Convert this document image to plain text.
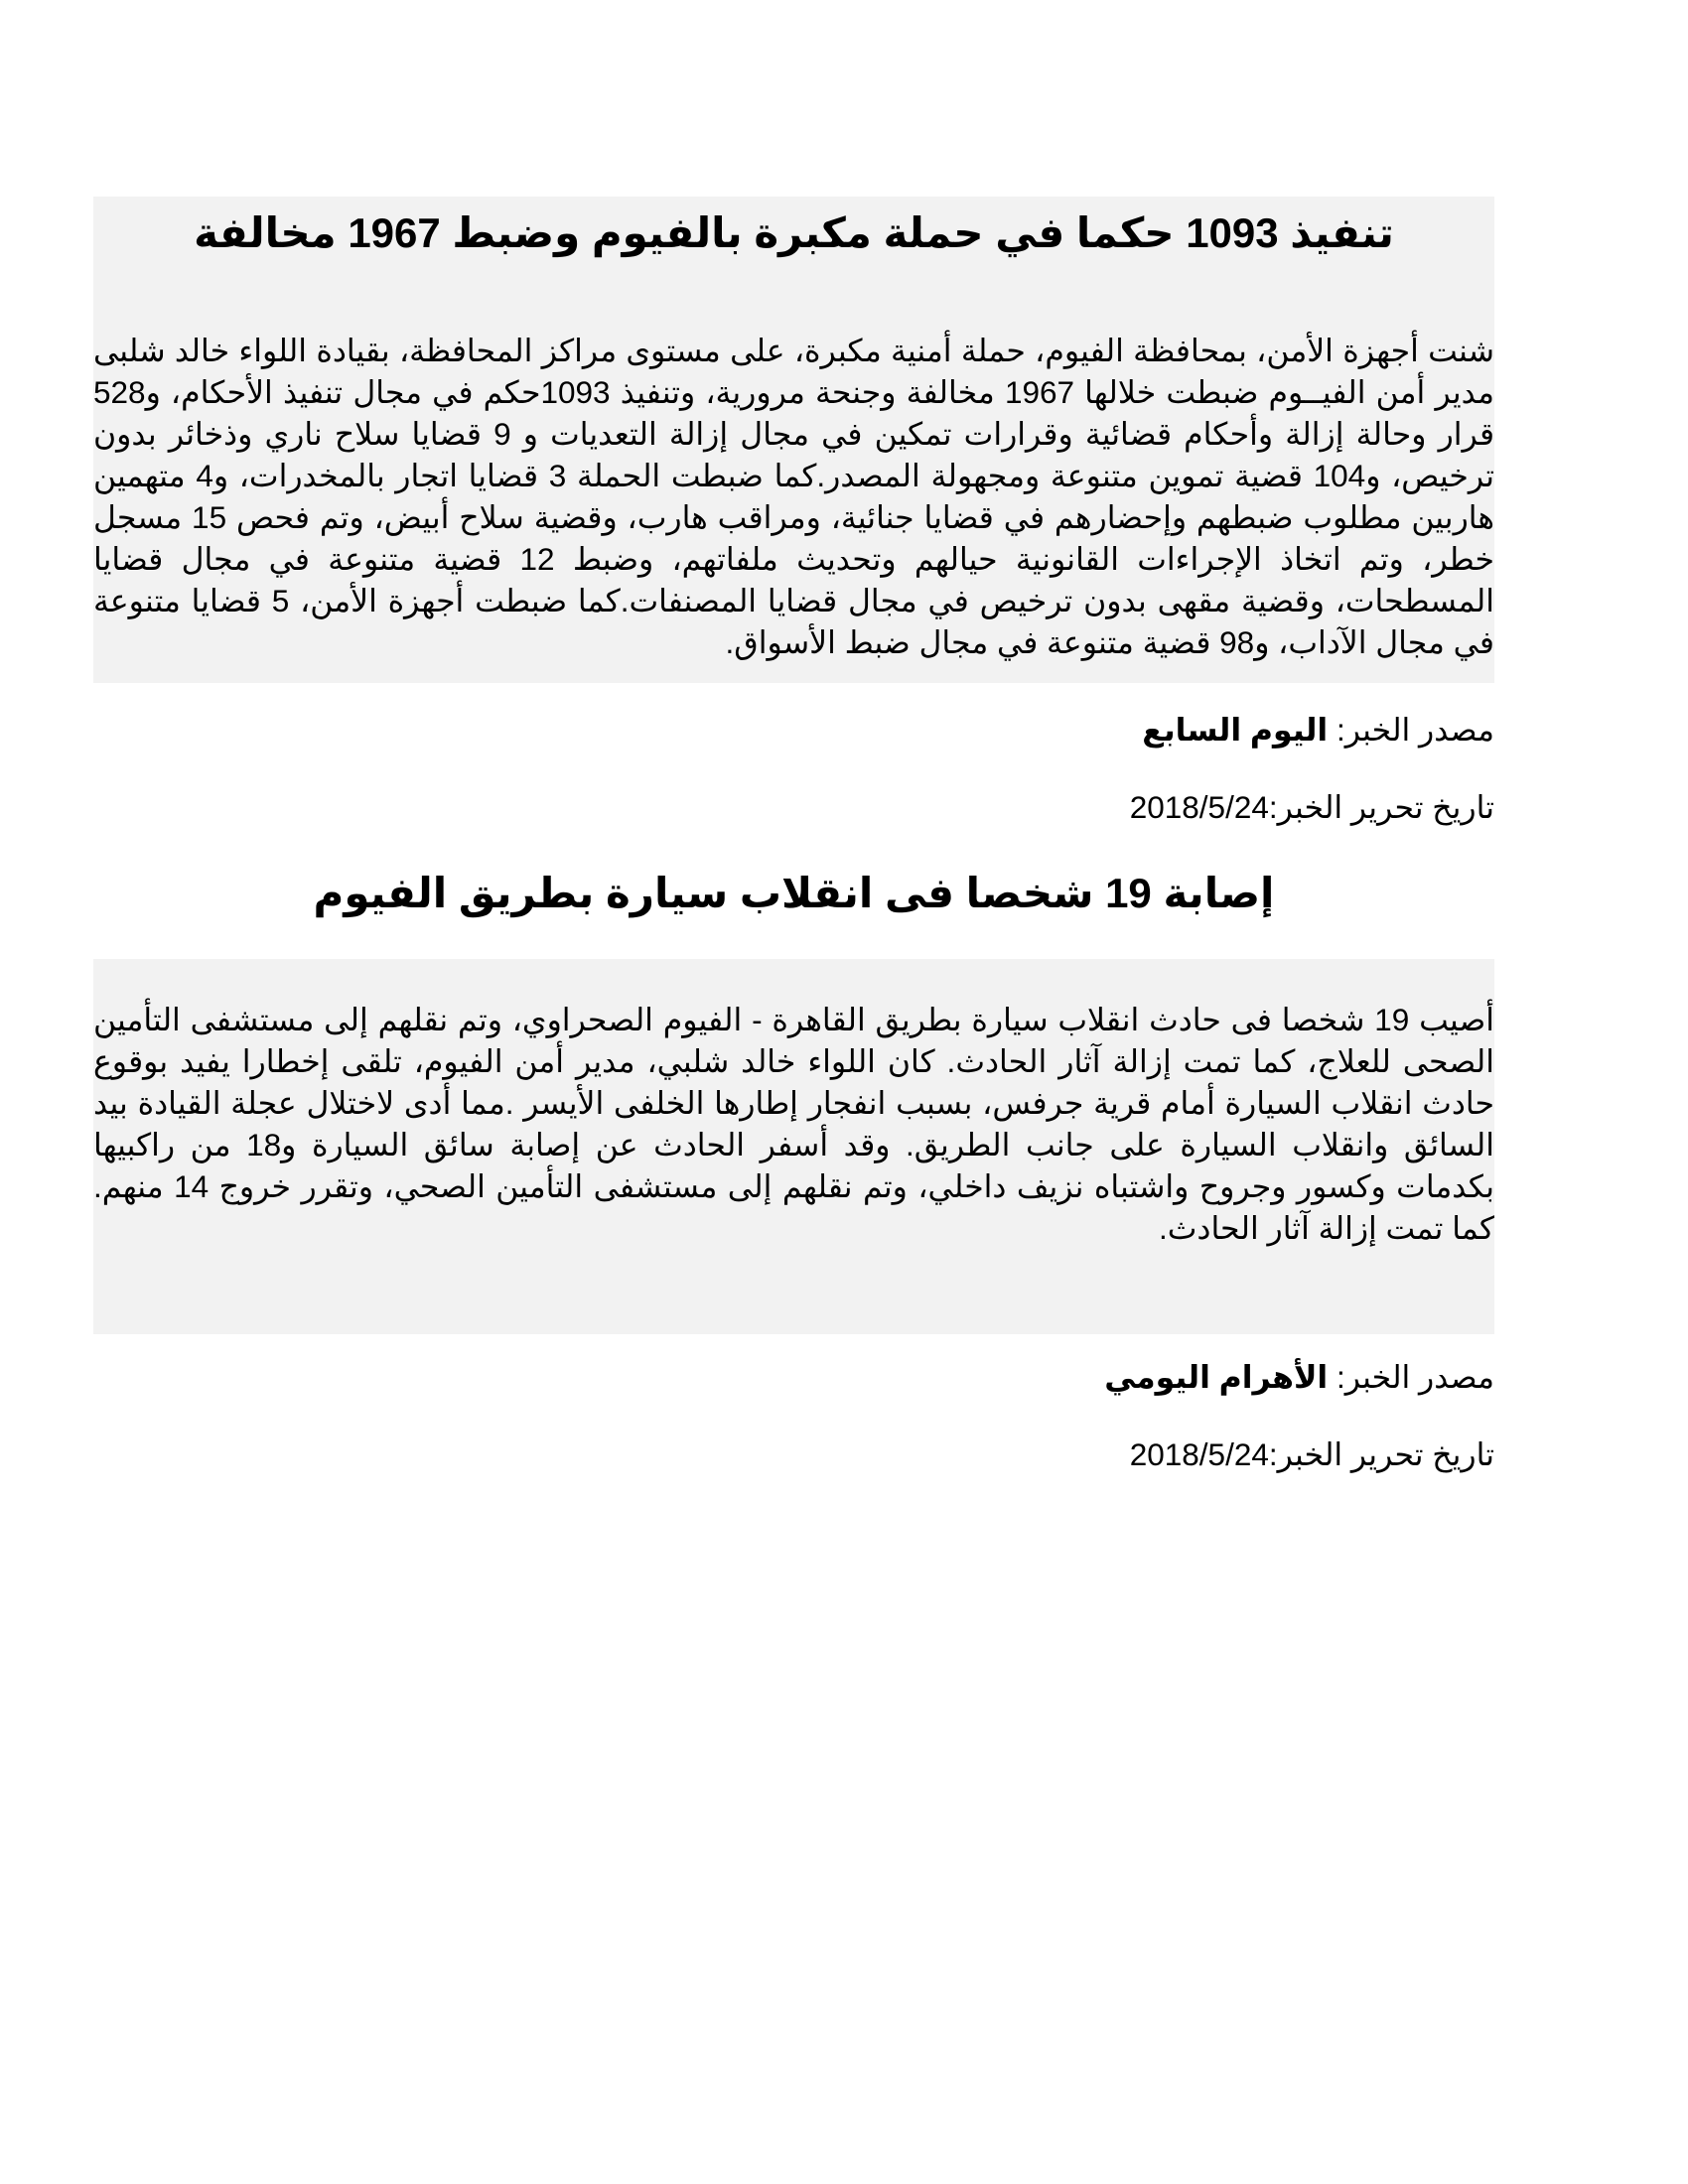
تنفيذ 1093 حكما في حملة مكبرة بالفيوم وضبط 1967 مخالفة

شنت أجهزة الأمن، بمحافظة الفيوم، حملة أمنية مكبرة، على مستوى مراكز المحافظة، بقيادة اللواء خالد شلبى مدير أمن الفيــوم ضبطت خلالها 1967 مخالفة وجنحة مرورية، وتنفيذ 1093حكم في مجال تنفيذ الأحكام، و528 قرار وحالة إزالة وأحكام قضائية وقرارات تمكين في مجال إزالة التعديات و 9 قضايا سلاح ناري وذخائر بدون ترخيص، و104 قضية تموين متنوعة ومجهولة المصدر.كما ضبطت الحملة 3 قضايا اتجار بالمخدرات، و4 متهمين هاربين مطلوب ضبطهم وإحضارهم في قضايا جنائية، ومراقب هارب، وقضية سلاح أبيض، وتم فحص 15 مسجل خطر، وتم اتخاذ الإجراءات القانونية حيالهم وتحديث ملفاتهم، وضبط 12 قضية متنوعة في مجال قضايا المسطحات، وقضية مقهى بدون ترخيص في مجال قضايا المصنفات.كما ضبطت أجهزة الأمن، 5 قضايا متنوعة في مجال الآداب، و98 قضية متنوعة في مجال ضبط الأسواق.

مصدر الخبر: اليوم السابع

تاريخ تحرير الخبر:2018/5/24

إصابة 19 شخصا فى انقلاب سيارة بطريق الفيوم

أصيب 19 شخصا فى حادث انقلاب سيارة بطريق القاهرة - الفيوم الصحراوي، وتم نقلهم إلى مستشفى التأمين الصحى للعلاج، كما تمت إزالة آثار الحادث. كان اللواء خالد شلبي، مدير أمن الفيوم، تلقى إخطارا يفيد بوقوع حادث انقلاب السيارة أمام قرية جرفس، بسبب انفجار إطارها الخلفى الأيسر .مما أدى لاختلال عجلة القيادة بيد السائق وانقلاب السيارة على جانب الطريق. وقد أسفر الحادث عن إصابة سائق السيارة و18 من راكبيها بكدمات وكسور وجروح واشتباه نزيف داخلي، وتم نقلهم إلى مستشفى التأمين الصحي، وتقرر خروج 14 منهم. كما تمت إزالة آثار الحادث.

مصدر الخبر: الأهرام اليومي

تاريخ تحرير الخبر:2018/5/24
